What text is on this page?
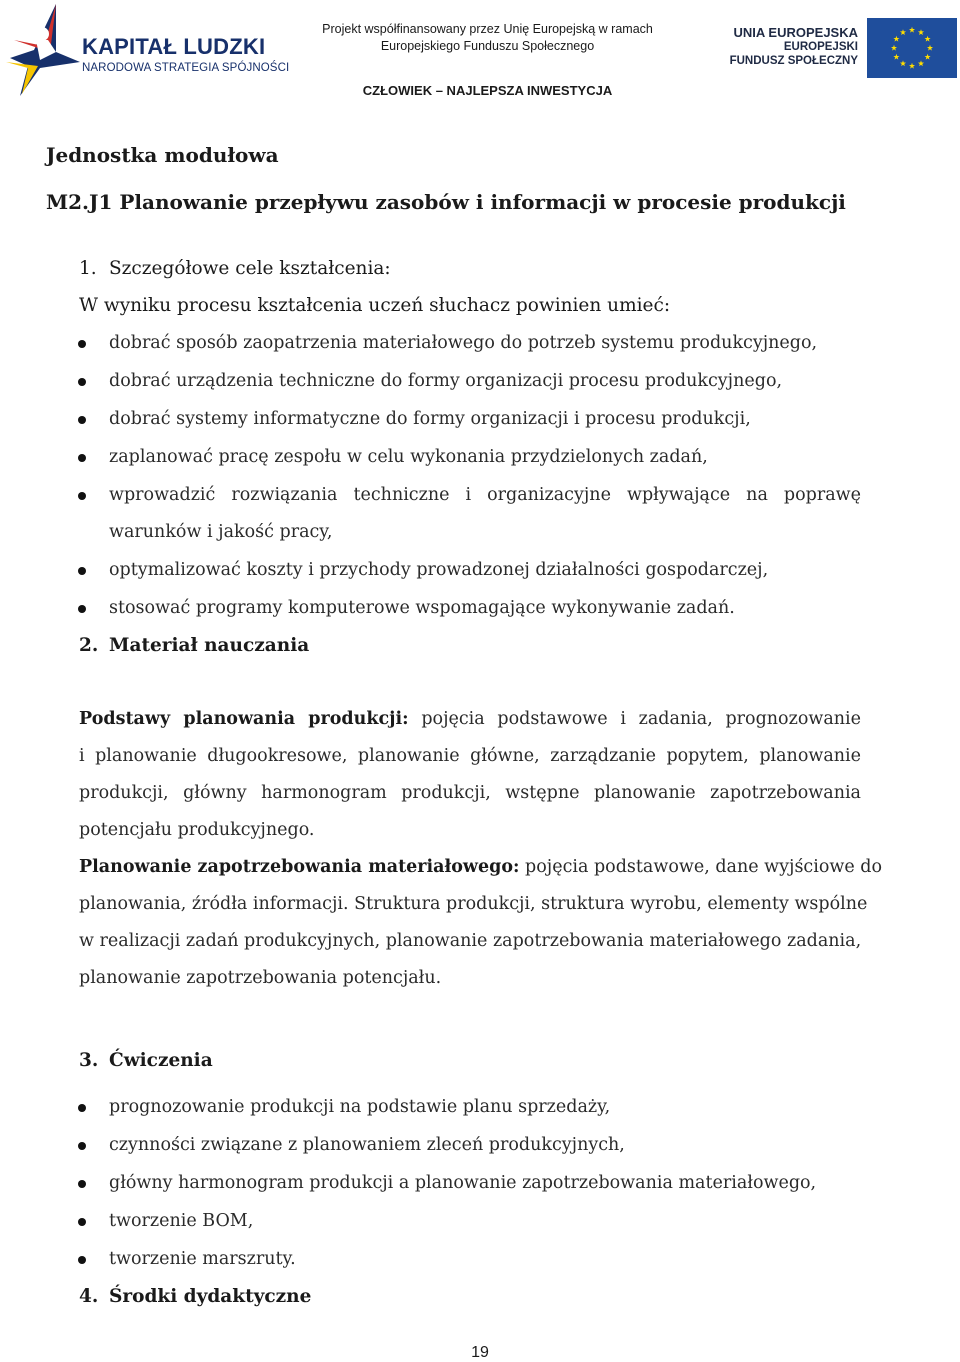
KAPITAŁ LUDZKI
NARODOWA STRATEGIA SPÓJNOŚCI
Projekt współfinansowany przez Unię Europejską w ramach
Europejskiego Funduszu Społecznego
CZŁOWIEK – NAJLEPSZA INWESTYCJA
UNIA EUROPEJSKA
EUROPEJSKI
FUNDUSZ SPOŁECZNY
Jednostka modułowa
M2.J1 Planowanie przepływu zasobów i informacji w procesie produkcji
1. Szczegółowe cele kształcenia:
W wyniku procesu kształcenia uczeń słuchacz powinien umieć:
dobrać sposób zaopatrzenia materiałowego do potrzeb systemu produkcyjnego,
dobrać urządzenia techniczne do formy organizacji procesu produkcyjnego,
dobrać systemy informatyczne do formy organizacji i procesu produkcji,
zaplanować pracę zespołu w celu wykonania przydzielonych zadań,
wprowadzić rozwiązania techniczne i organizacyjne wpływające na poprawę
warunków i jakość pracy,
optymalizować koszty i przychody prowadzonej działalności gospodarczej,
stosować programy komputerowe wspomagające wykonywanie zadań.
2. Materiał nauczania
Podstawy planowania produkcji: pojęcia podstawowe i zadania, prognozowanie
i planowanie długookresowe, planowanie główne, zarządzanie popytem, planowanie
produkcji, główny harmonogram produkcji, wstępne planowanie zapotrzebowania
potencjału produkcyjnego.
Planowanie zapotrzebowania materiałowego: pojęcia podstawowe, dane wyjściowe do
planowania, źródła informacji. Struktura produkcji, struktura wyrobu, elementy wspólne
w realizacji zadań produkcyjnych, planowanie zapotrzebowania materiałowego zadania,
planowanie zapotrzebowania potencjału.
3. Ćwiczenia
prognozowanie produkcji na podstawie planu sprzedaży,
czynności związane z planowaniem zleceń produkcyjnych,
główny harmonogram produkcji a planowanie zapotrzebowania materiałowego,
tworzenie BOM,
tworzenie marszruty.
4. Środki dydaktyczne
19
